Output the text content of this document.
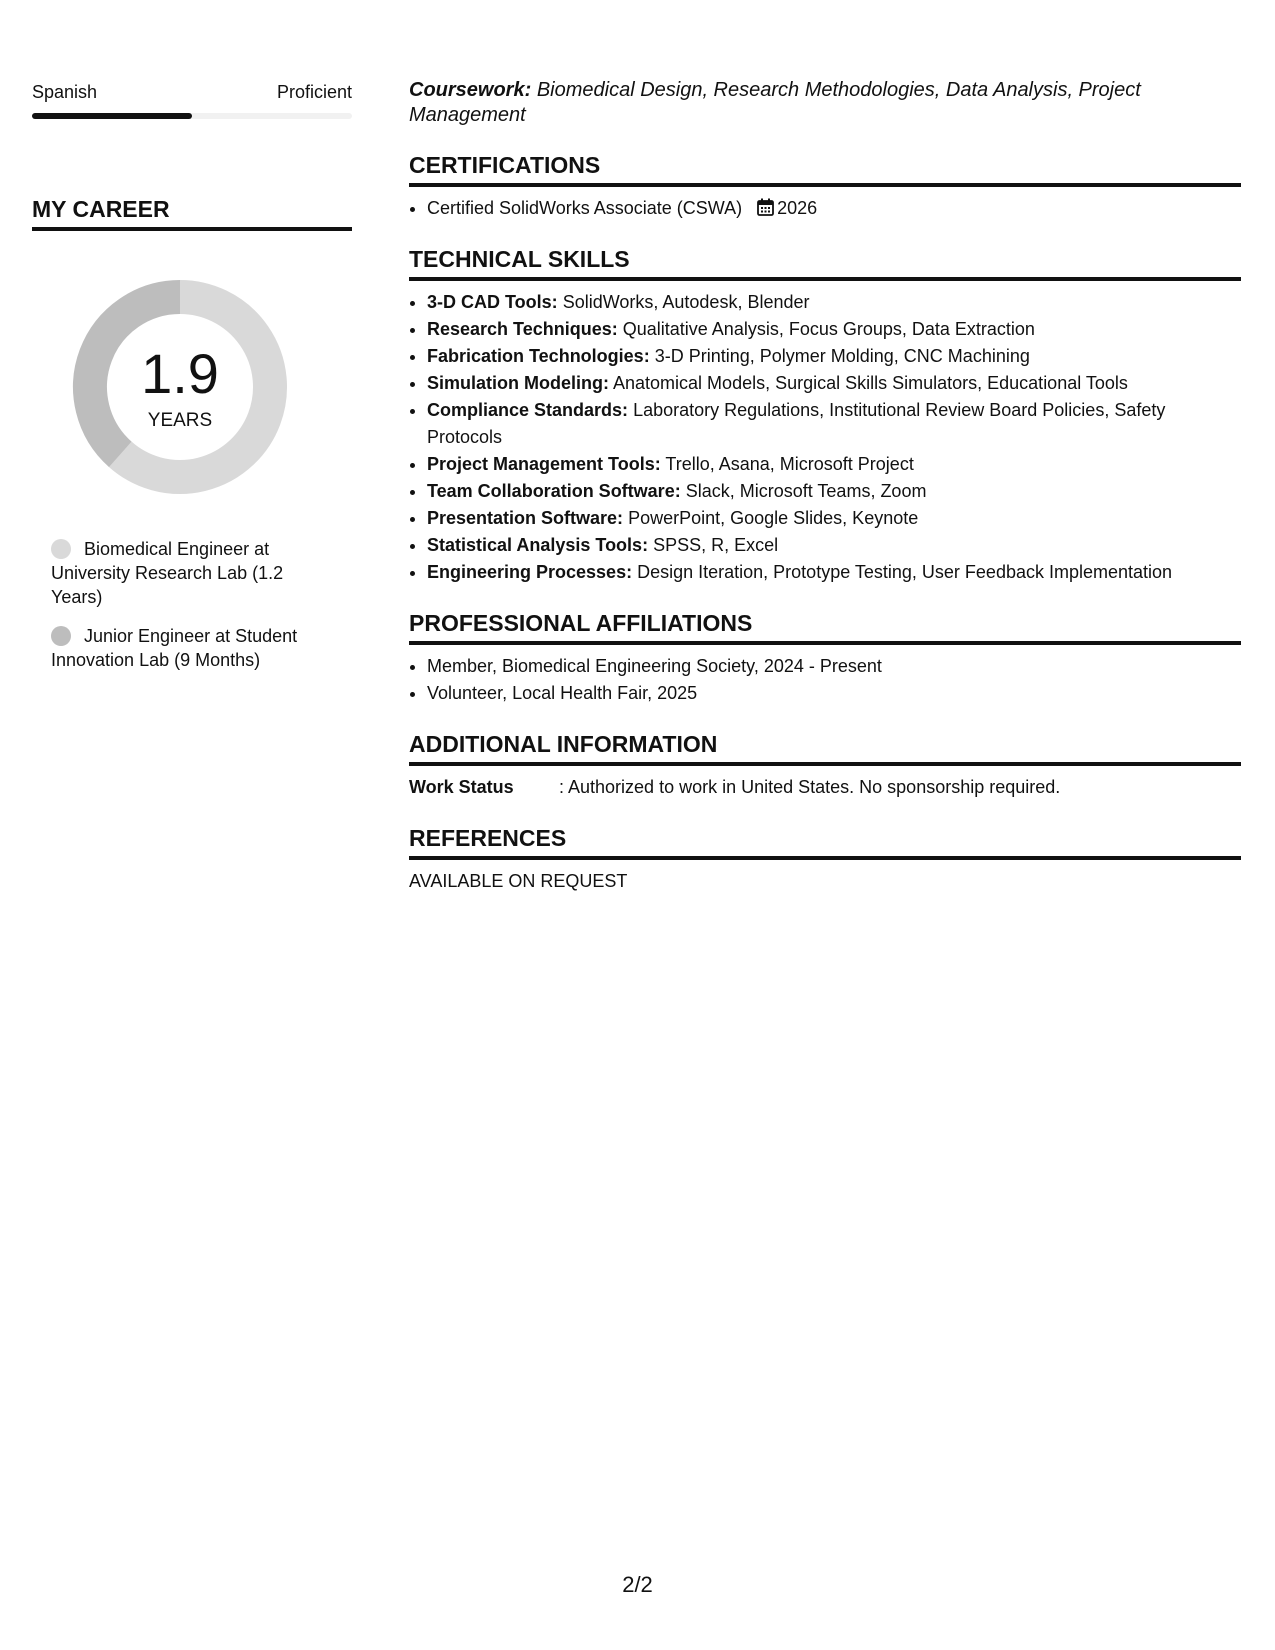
Spanish	Proficient
MY CAREER
1.9
YEARS
Biomedical Engineer at University Research Lab (1.2 Years)
Junior Engineer at Student Innovation Lab (9 Months)

Coursework: Biomedical Design, Research Methodologies, Data Analysis, Project Management

CERTIFICATIONS
• Certified SolidWorks Associate (CSWA) 2026
TECHNICAL SKILLS
• 3-D CAD Tools: SolidWorks, Autodesk, Blender
• Research Techniques: Qualitative Analysis, Focus Groups, Data Extraction
• Fabrication Technologies: 3-D Printing, Polymer Molding, CNC Machining
• Simulation Modeling: Anatomical Models, Surgical Skills Simulators, Educational Tools
• Compliance Standards: Laboratory Regulations, Institutional Review Board Policies, Safety Protocols
• Project Management Tools: Trello, Asana, Microsoft Project
• Team Collaboration Software: Slack, Microsoft Teams, Zoom
• Presentation Software: PowerPoint, Google Slides, Keynote
• Statistical Analysis Tools: SPSS, R, Excel
• Engineering Processes: Design Iteration, Prototype Testing, User Feedback Implementation
PROFESSIONAL AFFILIATIONS
• Member, Biomedical Engineering Society, 2024 - Present
• Volunteer, Local Health Fair, 2025
ADDITIONAL INFORMATION
Work Status	: Authorized to work in United States. No sponsorship required.
REFERENCES
AVAILABLE ON REQUEST
2/2
